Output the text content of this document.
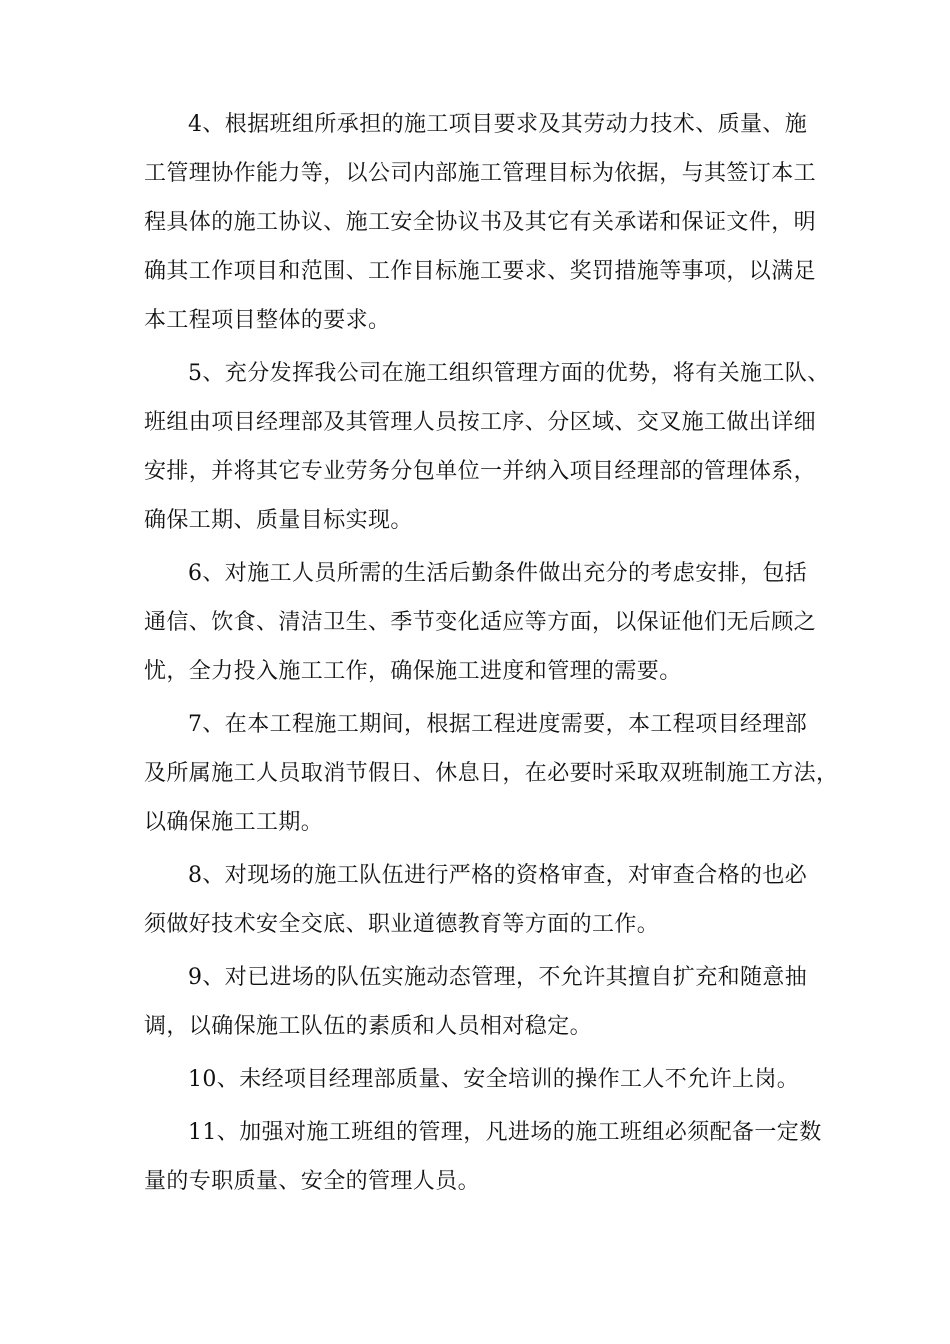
4、根据班组所承担的施工项目要求及其劳动力技术、质量、施
工管理协作能力等，以公司内部施工管理目标为依据，与其签订本工
程具体的施工协议、施工安全协议书及其它有关承诺和保证文件，明
确其工作项目和范围、工作目标施工要求、奖罚措施等事项，以满足
本工程项目整体的要求。
5、充分发挥我公司在施工组织管理方面的优势，将有关施工队、
班组由项目经理部及其管理人员按工序、分区域、交叉施工做出详细
安排，并将其它专业劳务分包单位一并纳入项目经理部的管理体系，
确保工期、质量目标实现。
6、对施工人员所需的生活后勤条件做出充分的考虑安排，包括
通信、饮食、清洁卫生、季节变化适应等方面，以保证他们无后顾之
忧，全力投入施工工作，确保施工进度和管理的需要。
7、在本工程施工期间，根据工程进度需要，本工程项目经理部
及所属施工人员取消节假日、休息日，在必要时采取双班制施工方法，
以确保施工工期。
8、对现场的施工队伍进行严格的资格审查，对审查合格的也必
须做好技术安全交底、职业道德教育等方面的工作。
9、对已进场的队伍实施动态管理，不允许其擅自扩充和随意抽
调，以确保施工队伍的素质和人员相对稳定。
10、未经项目经理部质量、安全培训的操作工人不允许上岗。
11、加强对施工班组的管理，凡进场的施工班组必须配备一定数
量的专职质量、安全的管理人员。
